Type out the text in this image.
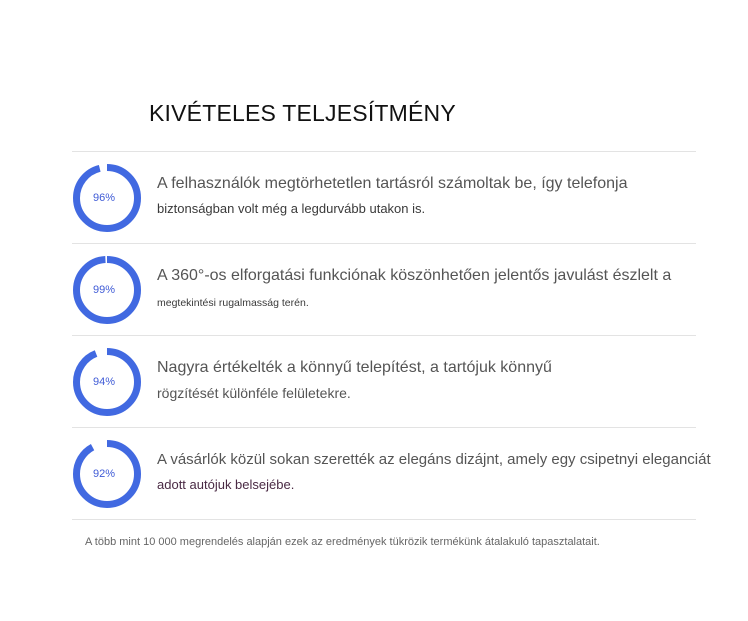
KIVÉTELES TELJESÍTMÉNY
96%
A felhasználók megtörhetetlen tartásról számoltak be, így telefonja
biztonságban volt még a legdurvább utakon is.
99%
A 360°-os elforgatási funkciónak köszönhetően jelentős javulást észlelt a
megtekintési rugalmasság terén.
94%
Nagyra értékelték a könnyű telepítést, a tartójuk könnyű
rögzítését különféle felületekre.
92%
A vásárlók közül sokan szerették az elegáns dizájnt, amely egy csipetnyi eleganciát
adott autójuk belsejébe.
A több mint 10 000 megrendelés alapján ezek az eredmények tükrözik termékünk átalakuló tapasztalatait.
